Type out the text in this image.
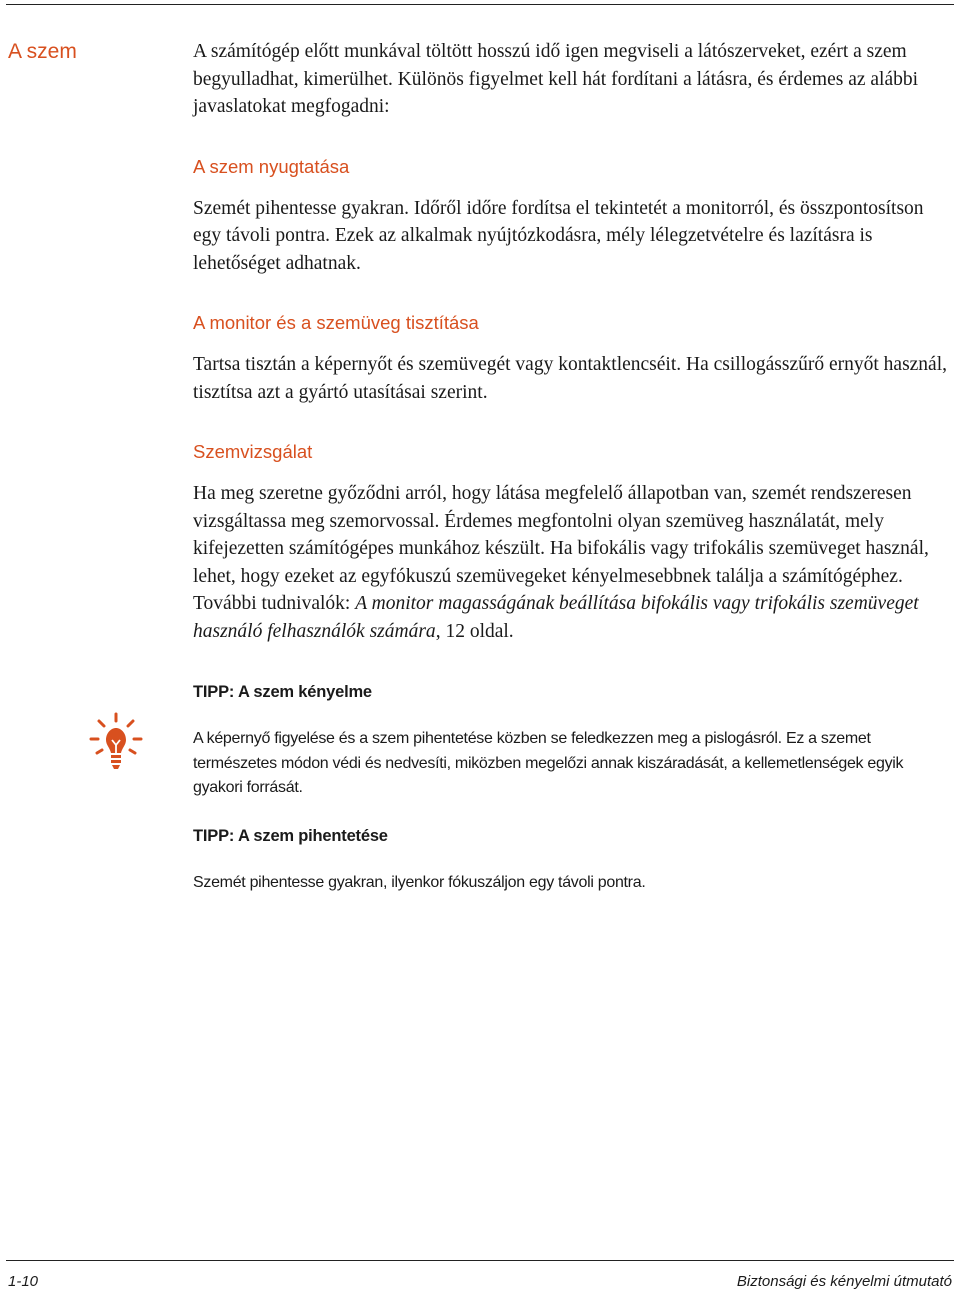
A szem	A számítógép előtt munkával töltött hosszú idő igen megviseli a látószerveket, ezért a szem begyulladhat, kimerülhet. Különös figyelmet kell hát fordítani a látásra, és érdemes az alábbi javaslatokat megfogadni:

A szem nyugtatása

Szemét pihentesse gyakran. Időről időre fordítsa el tekintetét a monitorról, és összpontosítson egy távoli pontra. Ezek az alkalmak nyújtózkodásra, mély lélegzetvételre és lazításra is lehetőséget adhatnak.

A monitor és a szemüveg tisztítása

Tartsa tisztán a képernyőt és szemüvegét vagy kontaktlencséit. Ha csillogásszűrő ernyőt használ, tisztítsa azt a gyártó utasításai szerint.

Szemvizsgálat

Ha meg szeretne győződni arról, hogy látása megfelelő állapotban van, szemét rendszeresen vizsgáltassa meg szemorvossal. Érdemes megfontolni olyan szemüveg használatát, mely kifejezetten számítógépes munkához készült. Ha bifokális vagy trifokális szemüveget használ, lehet, hogy ezeket az egyfókuszú szemüvegeket kényelmesebbnek találja a számítógéphez. További tudnivalók: A monitor magasságának beállítása bifokális vagy trifokális szemüveget használó felhasználók számára, 12 oldal.

TIPP: A szem kényelme

A képernyő figyelése és a szem pihentetése közben se feledkezzen meg a pislogásról. Ez a szemet természetes módon védi és nedvesíti, miközben megelőzi annak kiszáradását, a kellemetlenségek egyik gyakori forrását.

TIPP: A szem pihentetése

Szemét pihentesse gyakran, ilyenkor fókuszáljon egy távoli pontra.

1-10	Biztonsági és kényelmi útmutató
